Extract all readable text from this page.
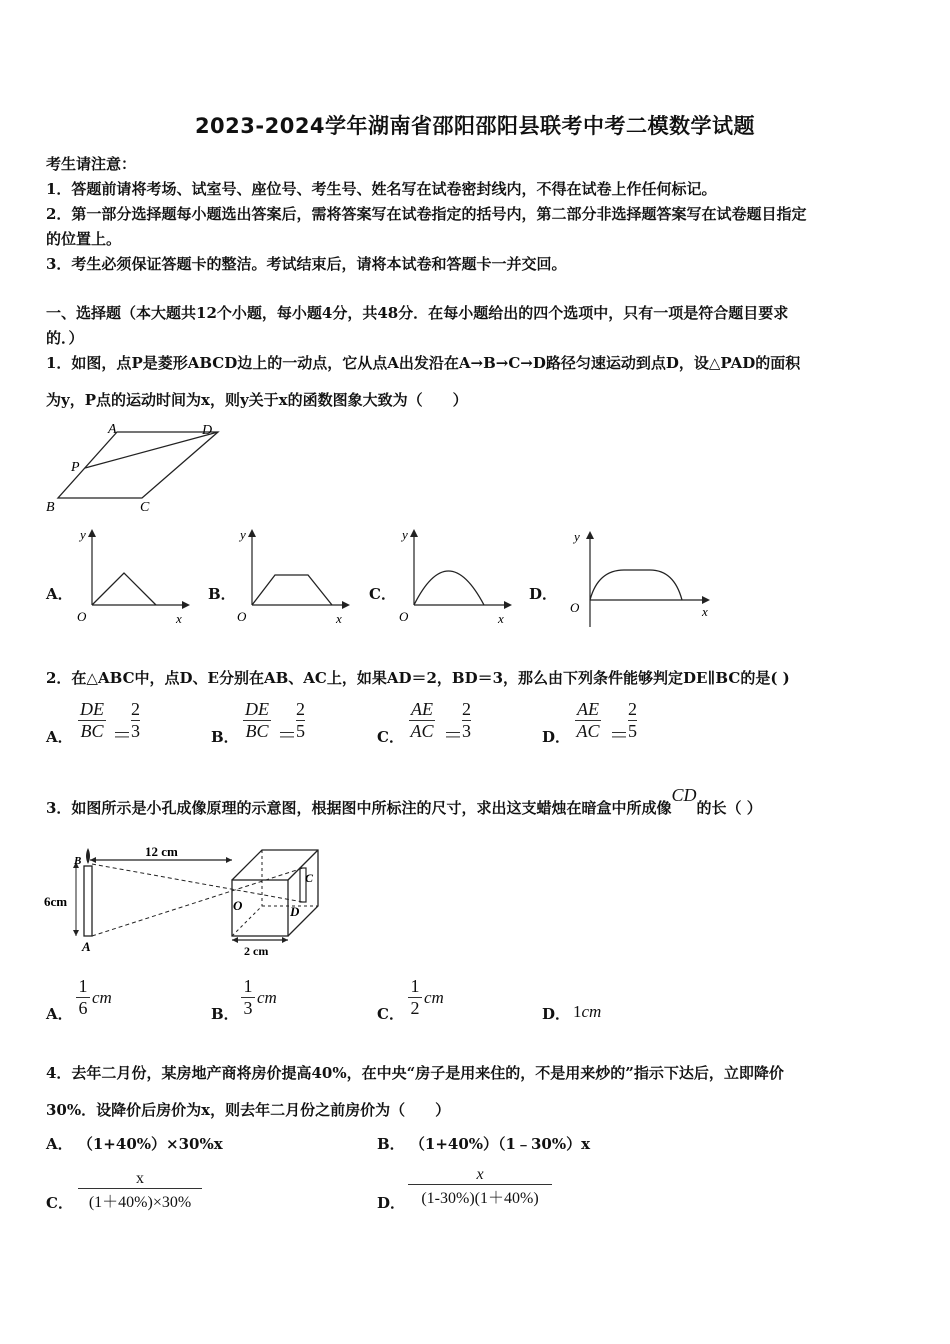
2023-2024学年湖南省邵阳邵阳县联考中考二模数学试题
考生请注意：
1．答题前请将考场、试室号、座位号、考生号、姓名写在试卷密封线内，不得在试卷上作任何标记。
2．第一部分选择题每小题选出答案后，需将答案写在试卷指定的括号内，第二部分非选择题答案写在试卷题目指定
的位置上。
3．考生必须保证答题卡的整洁。考试结束后，请将本试卷和答题卡一并交回。
一、选择题（本大题共12个小题，每小题4分，共48分．在每小题给出的四个选项中，只有一项是符合题目要求
的．）
1．如图，点P是菱形ABCD边上的一动点，它从点A出发沿在A→B→C→D路径匀速运动到点D，设△PAD的面积
为y，P点的运动时间为x，则y关于x的函数图象大致为（　　）
A	D
P
B	C
A．
y
O	x
B．
y
O	x
C．
y
O	x
D．
y
O	x
2．在△ABC中，点D、E分别在AB、AC上，如果AD＝2，BD＝3，那么由下列条件能够判定DE∥BC的是( )
A． $\frac{DE}{BC}$ ＝
2
3	B． $\frac{DE}{BC}$ ＝
2
5	C． $\frac{AE}{AC}$ ＝
2
3	D． $\frac{AE}{AC}$ ＝
2
5
3．如图所示是小孔成像原理的示意图，根据图中所标注的尺寸，求出这支蜡烛在暗盒中所成像CD的长（ ）
6cm
B
A
12 cm
O
C
D
2 cm
A．
1
6
cm
B．
1
3
cm
C．
1
2
cm
D． 1cm
4．去年二月份，某房地产商将房价提高40%，在中央“房子是用来住的，不是用来炒的”指示下达后，立即降价
30%．设降价后房价为x，则去年二月份之前房价为（　　）
A． （1+40%）×30%x	B． （1+40%）（1﹣30%）x
C．
x
(1＋40%)×30%	D．
x
(1-30%)(1＋40%)
